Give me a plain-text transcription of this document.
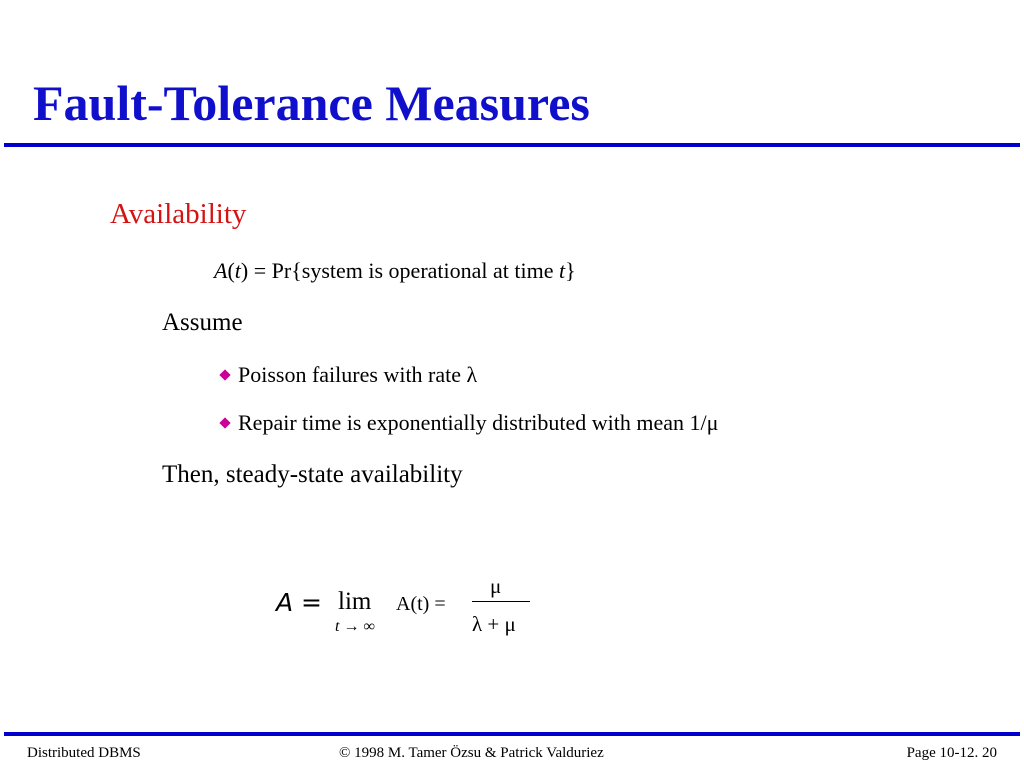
Fault-Tolerance Measures
Availability
A(t) = Pr{system is operational at time t}
Assume
Poisson failures with rate λ
Repair time is exponentially distributed with mean 1/μ
Then, steady-state availability
A = lim
t → ∞
A(t) =
μ
λ + μ
Distributed DBMS	© 1998 M. Tamer Özsu & Patrick Valduriez	Page 10-12. 20
